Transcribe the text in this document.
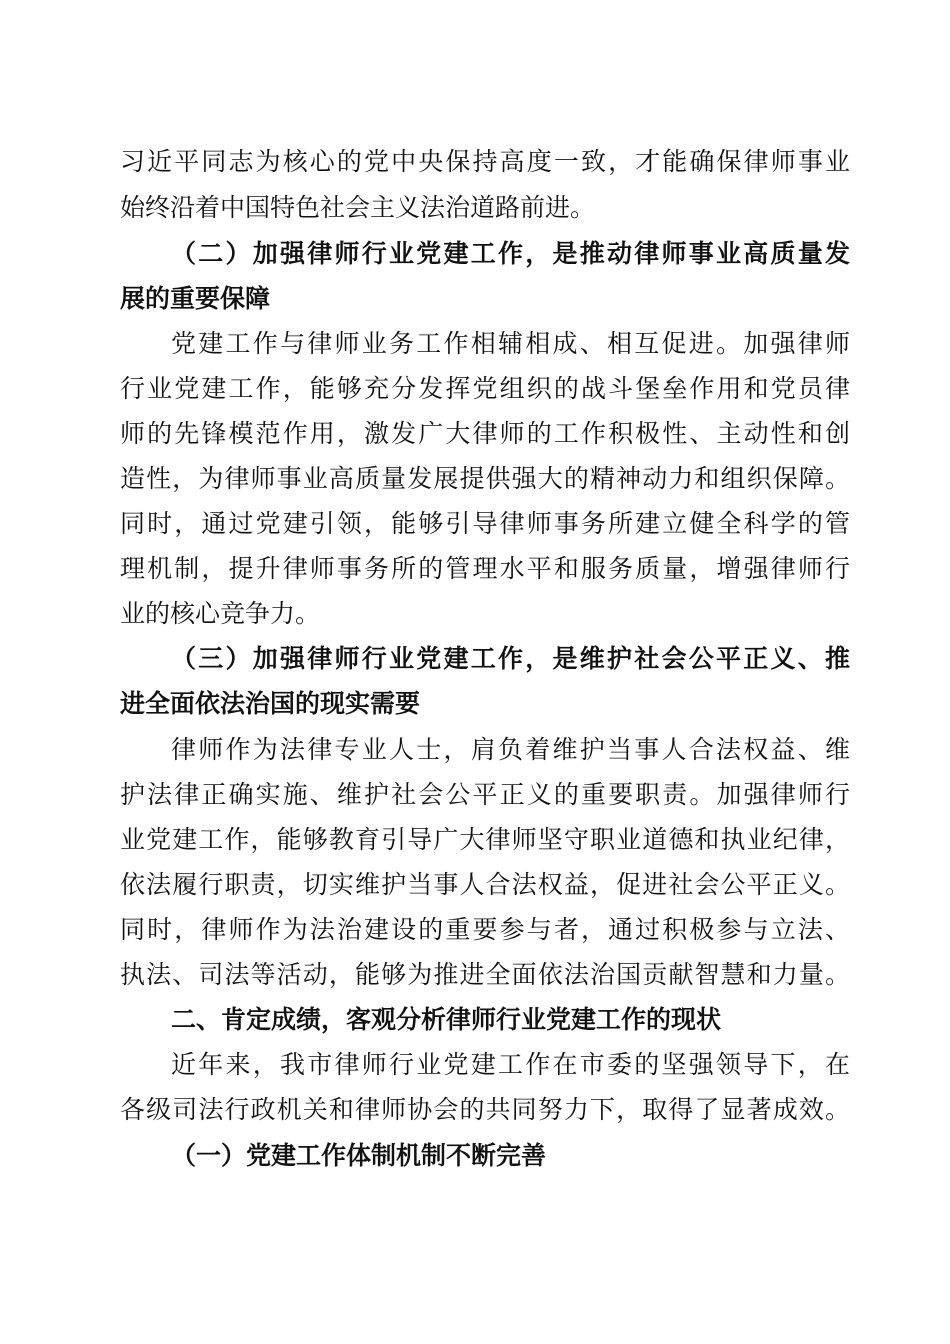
习近平同志为核心的党中央保持高度一致，才能确保律师事业
始终沿着中国特色社会主义法治道路前进。
（二）加强律师行业党建工作，是推动律师事业高质量发
展的重要保障
党建工作与律师业务工作相辅相成、相互促进。加强律师
行业党建工作，能够充分发挥党组织的战斗堡垒作用和党员律
师的先锋模范作用，激发广大律师的工作积极性、主动性和创
造性，为律师事业高质量发展提供强大的精神动力和组织保障。
同时，通过党建引领，能够引导律师事务所建立健全科学的管
理机制，提升律师事务所的管理水平和服务质量，增强律师行
业的核心竞争力。
（三）加强律师行业党建工作，是维护社会公平正义、推
进全面依法治国的现实需要
律师作为法律专业人士，肩负着维护当事人合法权益、维
护法律正确实施、维护社会公平正义的重要职责。加强律师行
业党建工作，能够教育引导广大律师坚守职业道德和执业纪律，
依法履行职责，切实维护当事人合法权益，促进社会公平正义。
同时，律师作为法治建设的重要参与者，通过积极参与立法、
执法、司法等活动，能够为推进全面依法治国贡献智慧和力量。
二、肯定成绩，客观分析律师行业党建工作的现状
近年来，我市律师行业党建工作在市委的坚强领导下，在
各级司法行政机关和律师协会的共同努力下，取得了显著成效。
（一）党建工作体制机制不断完善
